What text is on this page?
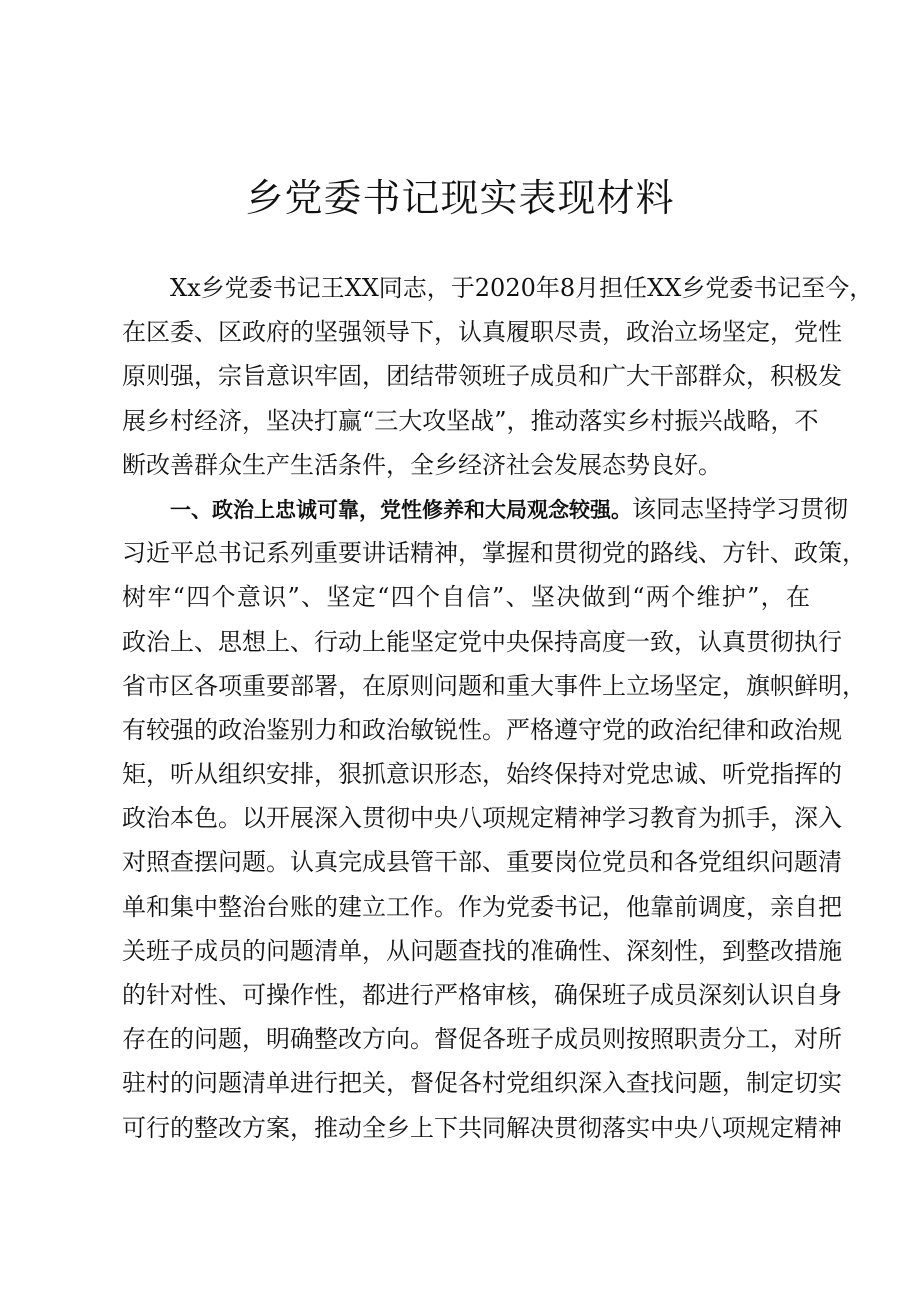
乡党委书记现实表现材料
Xx乡党委书记王XX同志，于2020年8月担任XX乡党委书记至今，
在区委、区政府的坚强领导下，认真履职尽责，政治立场坚定，党性
原则强，宗旨意识牢固，团结带领班子成员和广大干部群众，积极发
展乡村经济，坚决打赢“三大攻坚战”，推动落实乡村振兴战略，不
断改善群众生产生活条件，全乡经济社会发展态势良好。
一、政治上忠诚可靠，党性修养和大局观念较强。该同志坚持学习贯彻
习近平总书记系列重要讲话精神，掌握和贯彻党的路线、方针、政策，
树牢“四个意识”、坚定“四个自信”、坚决做到“两个维护”，在
政治上、思想上、行动上能坚定党中央保持高度一致，认真贯彻执行
省市区各项重要部署，在原则问题和重大事件上立场坚定，旗帜鲜明，
有较强的政治鉴别力和政治敏锐性。严格遵守党的政治纪律和政治规
矩，听从组织安排，狠抓意识形态，始终保持对党忠诚、听党指挥的
政治本色。以开展深入贯彻中央八项规定精神学习教育为抓手，深入
对照查摆问题。认真完成县管干部、重要岗位党员和各党组织问题清
单和集中整治台账的建立工作。作为党委书记，他靠前调度，亲自把
关班子成员的问题清单，从问题查找的准确性、深刻性，到整改措施
的针对性、可操作性，都进行严格审核，确保班子成员深刻认识自身
存在的问题，明确整改方向。督促各班子成员则按照职责分工，对所
驻村的问题清单进行把关，督促各村党组织深入查找问题，制定切实
可行的整改方案，推动全乡上下共同解决贯彻落实中央八项规定精神
